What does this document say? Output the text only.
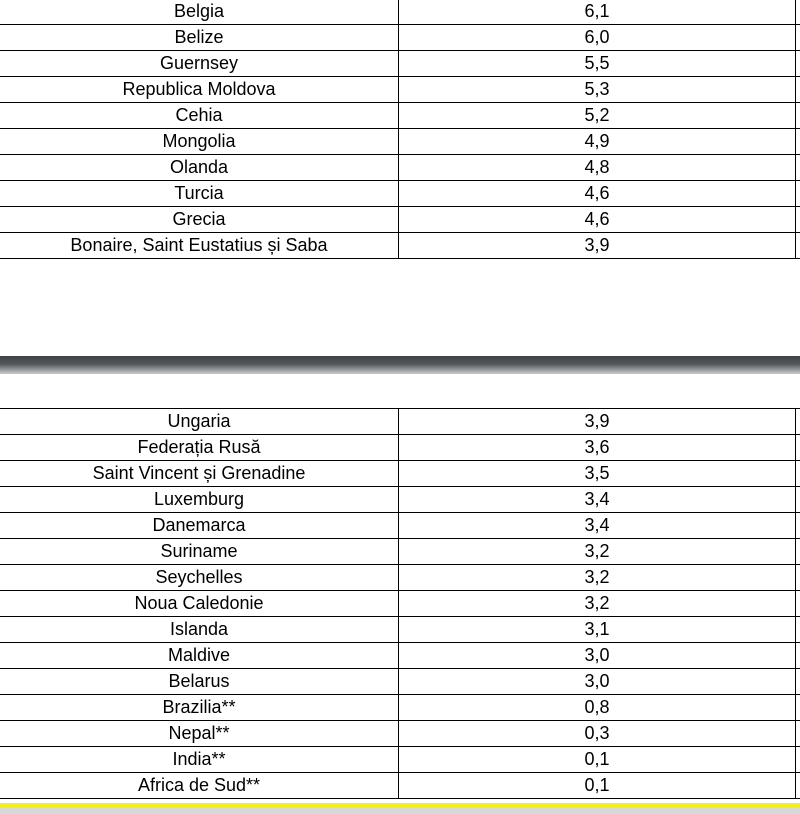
Belgia	6,1	
Belize	6,0	
Guernsey	5,5	
Republica Moldova	5,3	
Cehia	5,2	
Mongolia	4,9	
Olanda	4,8	
Turcia	4,6	
Grecia	4,6	
Bonaire, Saint Eustatius și Saba	3,9	
Ungaria	3,9	
Federația Rusă	3,6	
Saint Vincent și Grenadine	3,5	
Luxemburg	3,4	
Danemarca	3,4	
Suriname	3,2	
Seychelles	3,2	
Noua Caledonie	3,2	
Islanda	3,1	
Maldive	3,0	
Belarus	3,0	
Brazilia**	0,8	
Nepal**	0,3	
India**	0,1	
Africa de Sud**	0,1	
